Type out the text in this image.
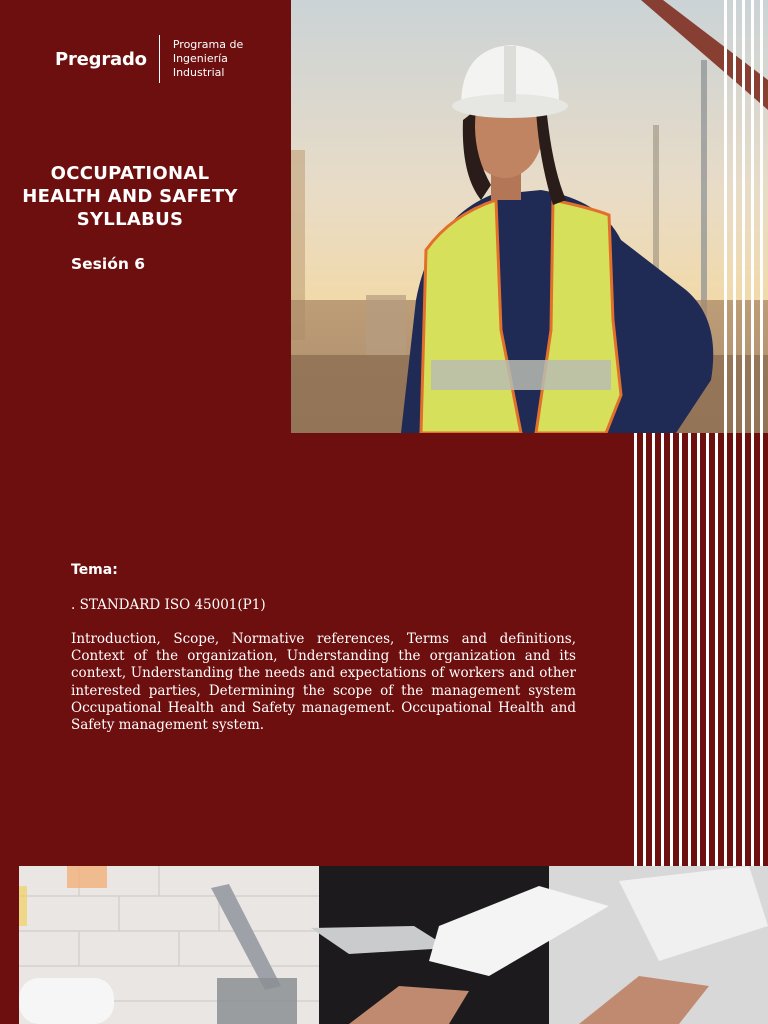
Pregrado
Programa de
Ingeniería
Industrial
OCCUPATIONAL
HEALTH AND SAFETY
SYLLABUS
Sesión 6
Tema:
. STANDARD ISO 45001(P1)
Introduction, Scope, Normative references, Terms and definitions, Context of the organization, Understanding the organization and its context, Understanding the needs and expectations of workers and other interested parties, Determining the scope of the management system Occupational Health and Safety management. Occupational Health and Safety management system.
